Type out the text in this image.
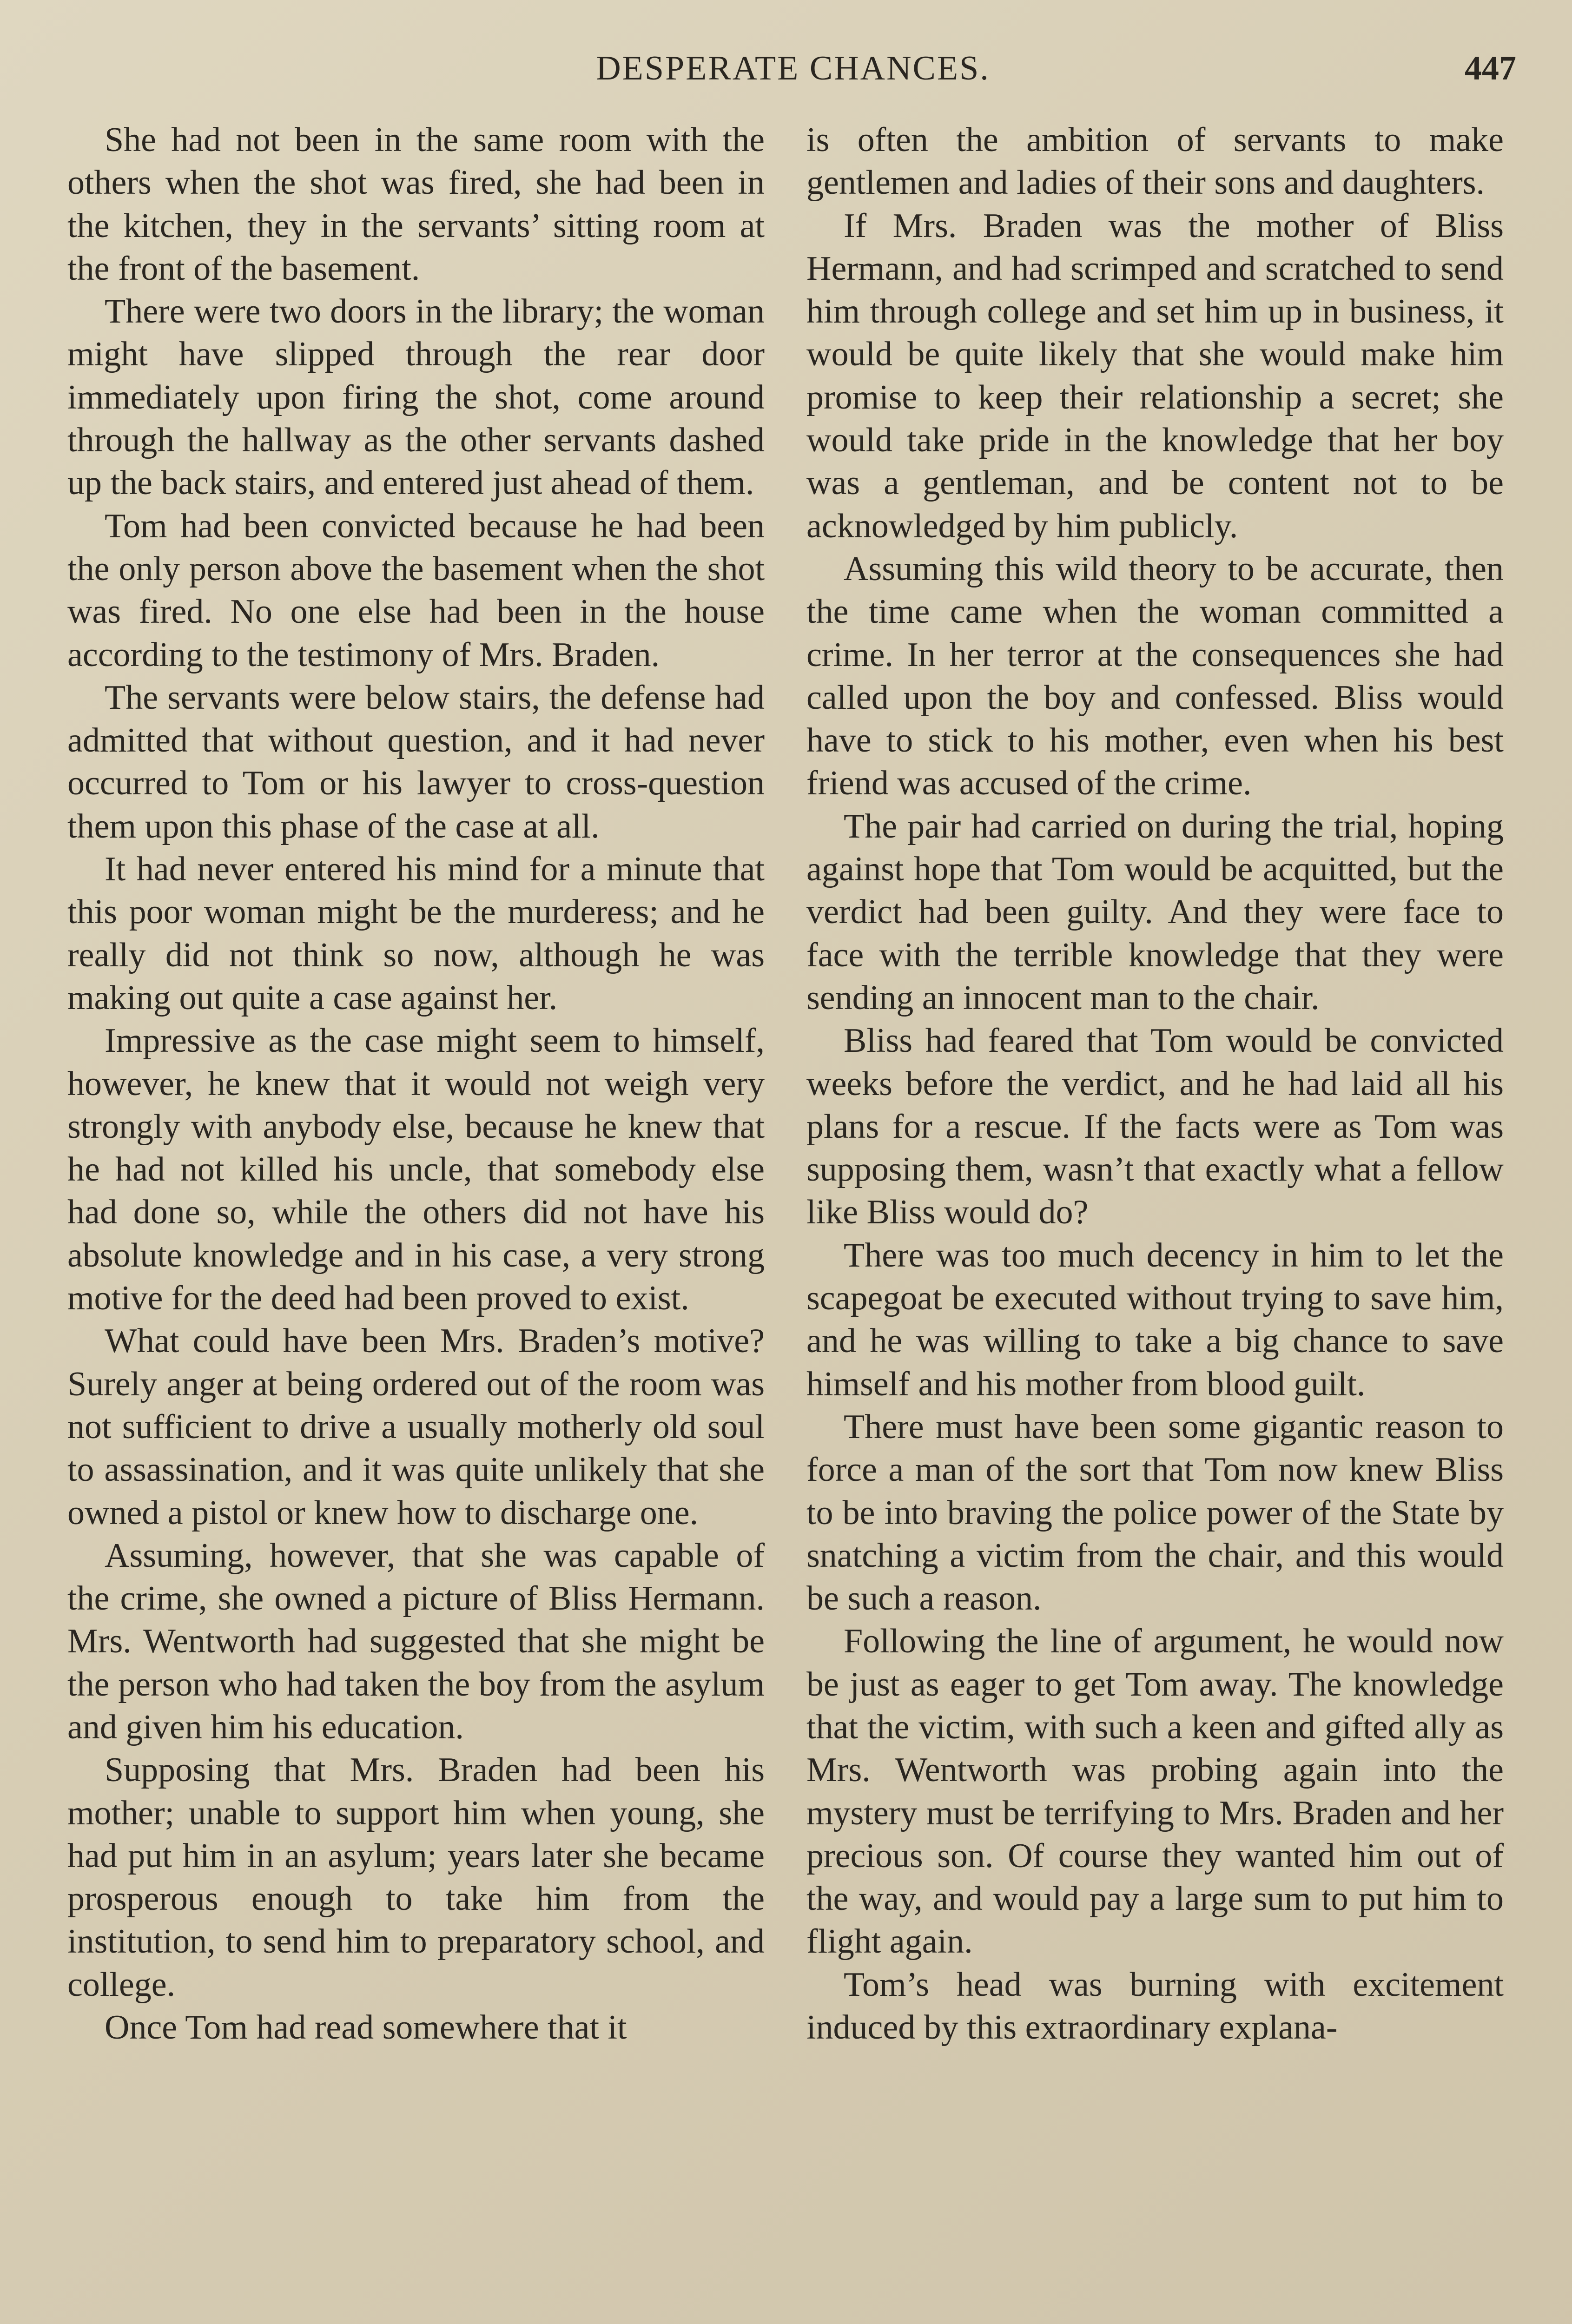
DESPERATE CHANCES.	447

She had not been in the same room with the others when the shot was fired, she had been in the kitchen, they in the servants’ sitting room at the front of the basement.

There were two doors in the library; the woman might have slipped through the rear door immediately upon firing the shot, come around through the hallway as the other servants dashed up the back stairs, and entered just ahead of them.

Tom had been convicted because he had been the only person above the basement when the shot was fired. No one else had been in the house according to the testimony of Mrs. Braden.

The servants were below stairs, the defense had admitted that without question, and it had never occurred to Tom or his lawyer to cross-question them upon this phase of the case at all.

It had never entered his mind for a minute that this poor woman might be the murderess; and he really did not think so now, although he was making out quite a case against her.

Impressive as the case might seem to himself, however, he knew that it would not weigh very strongly with anybody else, because he knew that he had not killed his uncle, that somebody else had done so, while the others did not have his absolute knowledge and in his case, a very strong motive for the deed had been proved to exist.

What could have been Mrs. Braden’s motive? Surely anger at being ordered out of the room was not sufficient to drive a usually motherly old soul to assassination, and it was quite unlikely that she owned a pistol or knew how to discharge one.

Assuming, however, that she was capable of the crime, she owned a picture of Bliss Hermann. Mrs. Wentworth had suggested that she might be the person who had taken the boy from the asylum and given him his education.

Supposing that Mrs. Braden had been his mother; unable to support him when young, she had put him in an asylum; years later she became prosperous enough to take him from the institution, to send him to preparatory school, and college.

Once Tom had read somewhere that it

is often the ambition of servants to make gentlemen and ladies of their sons and daughters.

If Mrs. Braden was the mother of Bliss Hermann, and had scrimped and scratched to send him through college and set him up in business, it would be quite likely that she would make him promise to keep their relationship a secret; she would take pride in the knowledge that her boy was a gentleman, and be content not to be acknowledged by him publicly.

Assuming this wild theory to be accurate, then the time came when the woman committed a crime. In her terror at the consequences she had called upon the boy and confessed. Bliss would have to stick to his mother, even when his best friend was accused of the crime.

The pair had carried on during the trial, hoping against hope that Tom would be acquitted, but the verdict had been guilty. And they were face to face with the terrible knowledge that they were sending an innocent man to the chair.

Bliss had feared that Tom would be convicted weeks before the verdict, and he had laid all his plans for a rescue. If the facts were as Tom was supposing them, wasn’t that exactly what a fellow like Bliss would do?

There was too much decency in him to let the scapegoat be executed without trying to save him, and he was willing to take a big chance to save himself and his mother from blood guilt.

There must have been some gigantic reason to force a man of the sort that Tom now knew Bliss to be into braving the police power of the State by snatching a victim from the chair, and this would be such a reason.

Following the line of argument, he would now be just as eager to get Tom away. The knowledge that the victim, with such a keen and gifted ally as Mrs. Wentworth was probing again into the mystery must be terrifying to Mrs. Braden and her precious son. Of course they wanted him out of the way, and would pay a large sum to put him to flight again.

Tom’s head was burning with excitement induced by this extraordinary explana-
